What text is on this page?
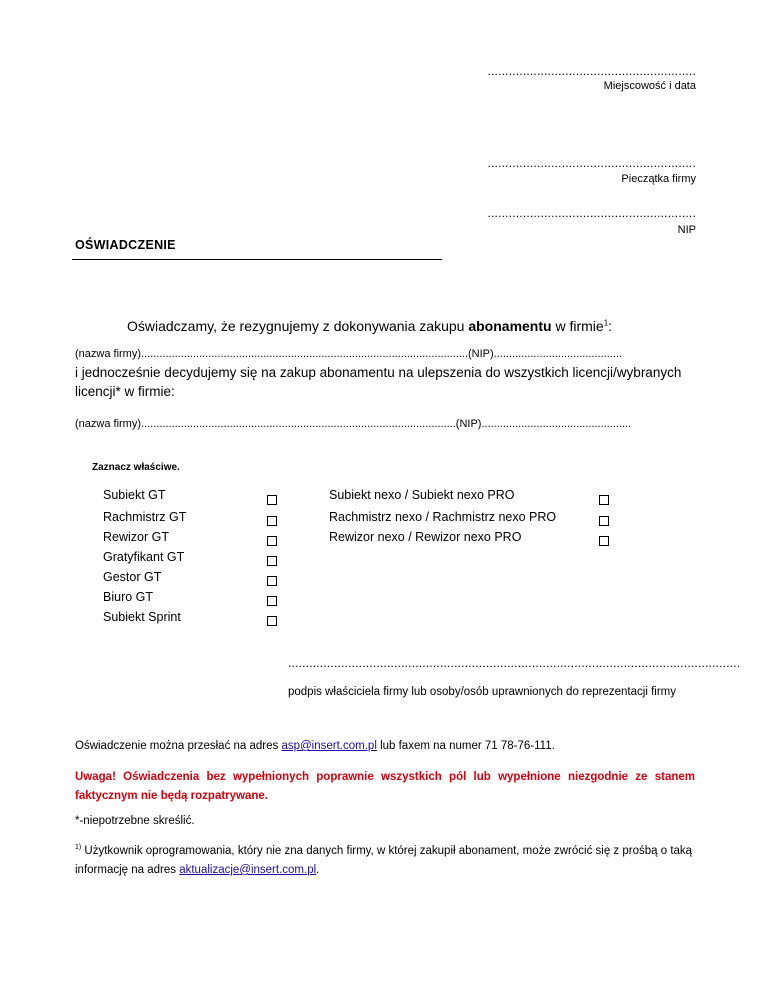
...........................................................
Miejscowość i data
...........................................................
Pieczątka firmy
...........................................................
NIP
OŚWIADCZENIE
Oświadczamy, że rezygnujemy z dokonywania zakupu abonamentu w firmie$^1$:
(nazwa firmy)...........................................................................................................(NIP)..........................................
i jednocześnie decydujemy się na zakup abonamentu na ulepszenia do wszystkich licencji/wybranych licencji* w firmie:
(nazwa firmy).......................................................................................................(NIP).................................................
Zaznacz właściwe.
Subiekt GT
Rachmistrz GT
Rewizor GT
Gratyfikant GT
Gestor GT
Biuro GT
Subiekt Sprint
Subiekt nexo / Subiekt nexo PRO
Rachmistrz nexo / Rachmistrz nexo PRO
Rewizor nexo / Rewizor nexo PRO
................................................................................................................................
podpis właściciela firmy lub osoby/osób uprawnionych do reprezentacji firmy
Oświadczenie można przesłać na adres asp@insert.com.pl lub faxem na numer 71 78-76-111.
Uwaga! Oświadczenia bez wypełnionych poprawnie wszystkich pól lub wypełnione niezgodnie ze stanem faktycznym nie będą rozpatrywane.
*-niepotrzebne skreślić.
$^{1)}$ Użytkownik oprogramowania, który nie zna danych firmy, w której zakupił abonament, może zwrócić się z prośbą o taką informację na adres aktualizacje@insert.com.pl.
